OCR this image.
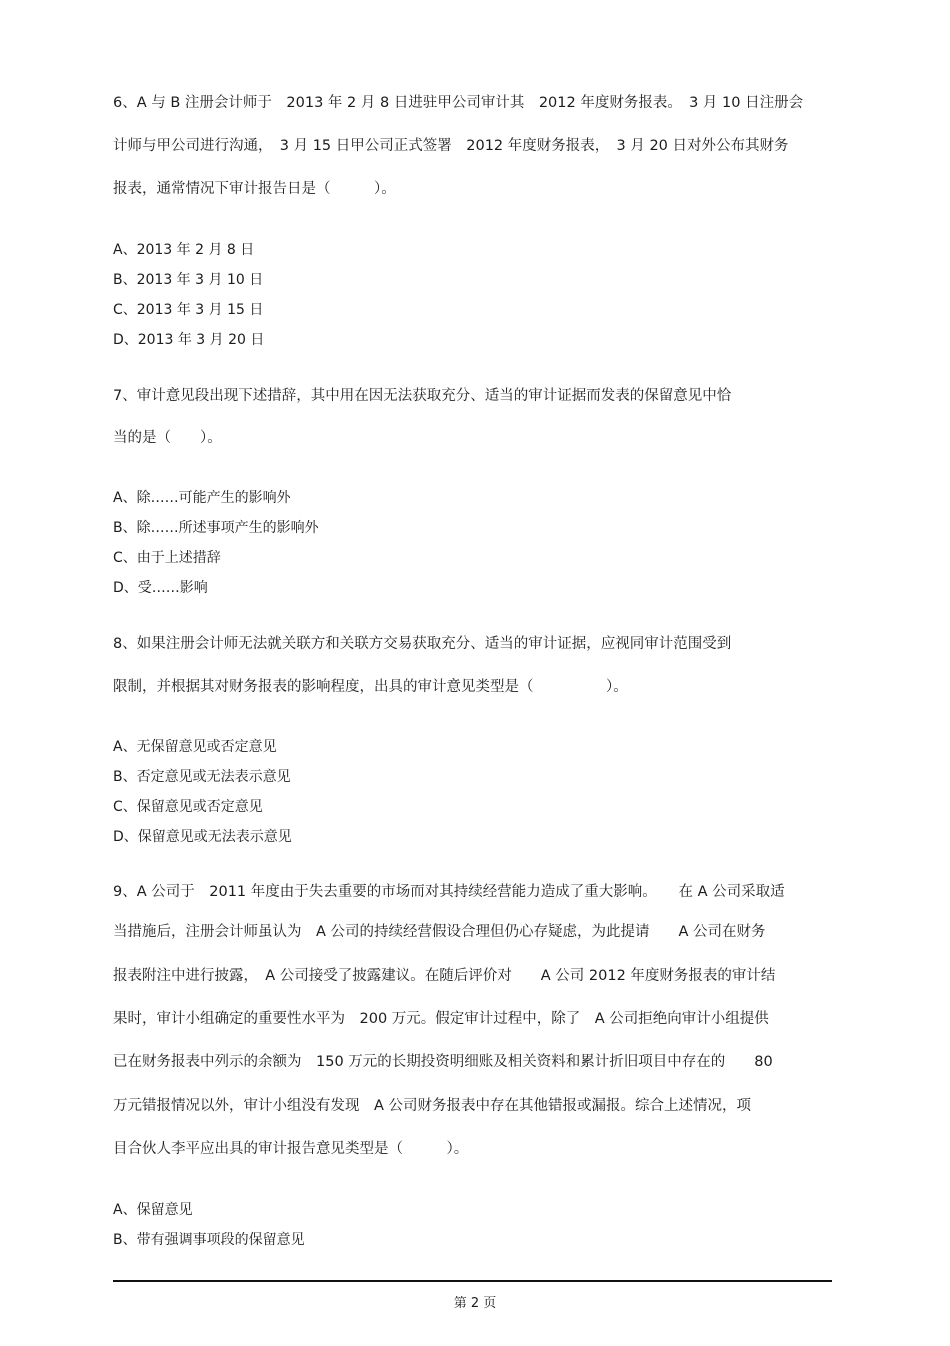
6、A 与 B 注册会计师于　2013 年 2 月 8 日进驻甲公司审计其　2012 年度财务报表。　3 月 10 日注册会
计师与甲公司进行沟通，　3 月 15 日甲公司正式签署　2012 年度财务报表，　3 月 20 日对外公布其财务
报表，通常情况下审计报告日是（　　　）。
A、2013 年 2 月 8 日
B、2013 年 3 月 10 日
C、2013 年 3 月 15 日
D、2013 年 3 月 20 日
7、审计意见段出现下述措辞，其中用在因无法获取充分、适当的审计证据而发表的保留意见中恰
当的是（　　）。
A、除……可能产生的影响外
B、除……所述事项产生的影响外
C、由于上述措辞
D、受……影响
8、如果注册会计师无法就关联方和关联方交易获取充分、适当的审计证据，应视同审计范围受到
限制，并根据其对财务报表的影响程度，出具的审计意见类型是（　　　　　）。
A、无保留意见或否定意见
B、否定意见或无法表示意见
C、保留意见或否定意见
D、保留意见或无法表示意见
9、A 公司于　2011 年度由于失去重要的市场而对其持续经营能力造成了重大影响。　　在 A 公司采取适
当措施后，注册会计师虽认为　A 公司的持续经营假设合理但仍心存疑虑，为此提请　　A 公司在财务
报表附注中进行披露，　A 公司接受了披露建议。在随后评价对　　A 公司 2012 年度财务报表的审计结
果时，审计小组确定的重要性水平为　200 万元。假定审计过程中，除了　A 公司拒绝向审计小组提供
已在财务报表中列示的余额为　150 万元的长期投资明细账及相关资料和累计折旧项目中存在的　　80
万元错报情况以外，审计小组没有发现　A 公司财务报表中存在其他错报或漏报。综合上述情况，项
目合伙人李平应出具的审计报告意见类型是（　　　）。
A、保留意见
B、带有强调事项段的保留意见
第 2 页
